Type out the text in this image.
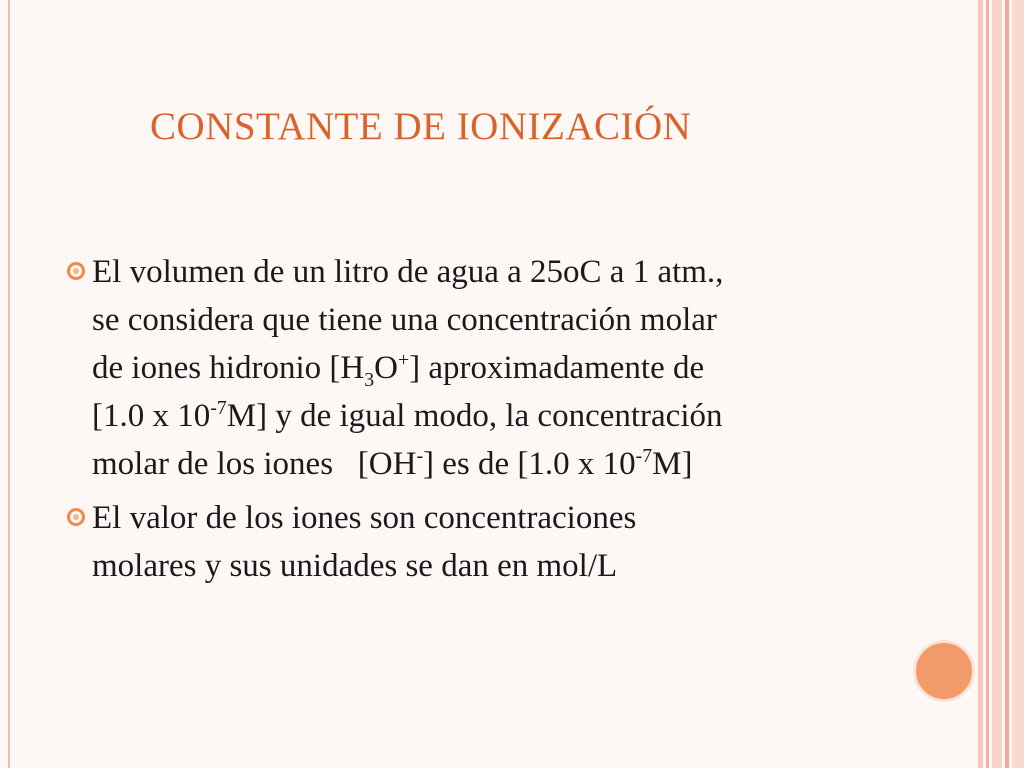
CONSTANTE DE IONIZACIÓN
El volumen de un litro de agua a 25oC a 1 atm.,
se considera que tiene una concentración molar
de iones hidronio $[H_3O^+]$ aproximadamente de
[1.0 x $10^{-7}M$] y de igual modo, la concentración
molar de los iones   [OH-] es de [1.0 x $10^{-7}M$]
El valor de los iones son concentraciones
molares y sus unidades se dan en mol/L
